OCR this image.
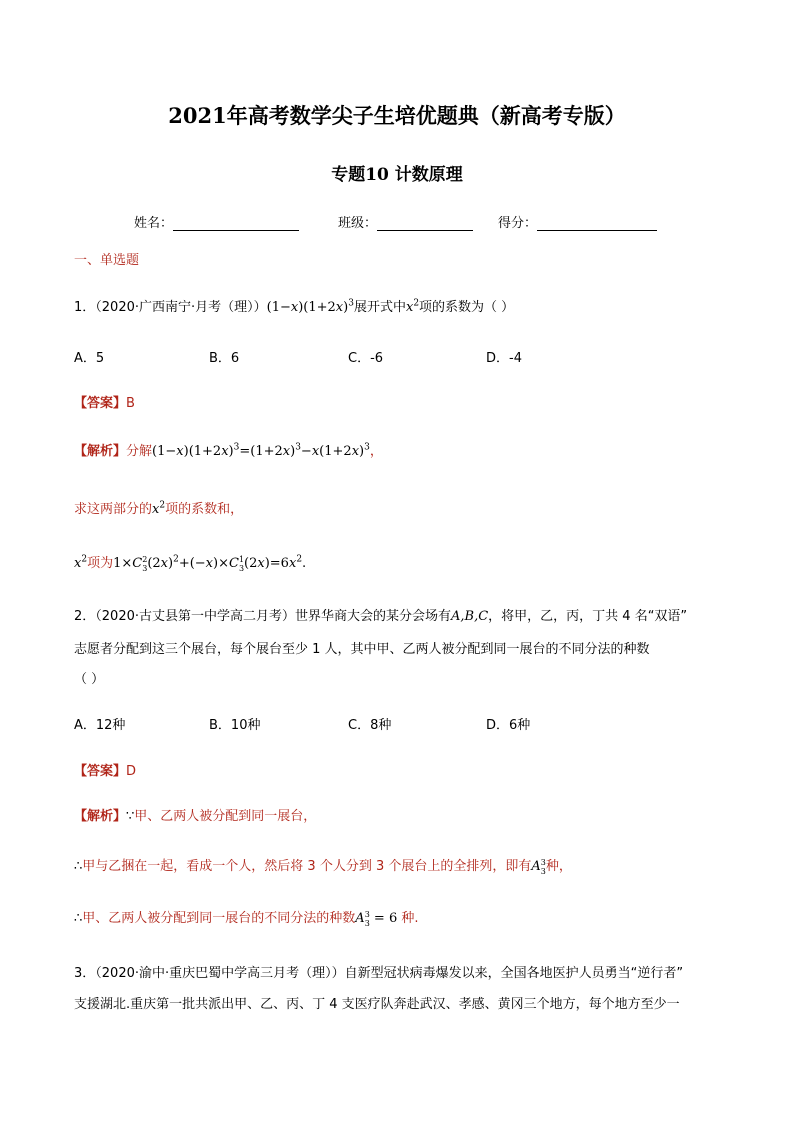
2021年高考数学尖子生培优题典（新高考专版）
专题10 计数原理
姓名：	班级：	得分：
一、单选题
1．（2020·广西南宁·月考（理））$(1-x)(1+2x)^3$展开式中$x^2$项的系数为（ ）
A．5	B．6	C．-6	D．-4
【答案】B
【解析】分解$(1-x)(1+2x)^3=(1+2x)^3-x(1+2x)^3$，
求这两部分的$x^2$项的系数和，
$x^2$项为1×C2
$3(2x)^2+(-x)\times C1$
$3(2x)=6x^2$.
2．（2020·古丈县第一中学高二月考）世界华商大会的某分会场有A,B,C，将甲，乙，丙，丁共 4 名“双语”
志愿者分配到这三个展台，每个展台至少 1 人，其中甲、乙两人被分配到同一展台的不同分法的种数
（ ）
A．12种	B．10种	C．8种	D．6种
【答案】D
【解析】∵甲、乙两人被分配到同一展台，
∴甲与乙捆在一起，看成一个人，然后将 3 个人分到 3 个展台上的全排列，即有A3
3种，
∴甲、乙两人被分配到同一展台的不同分法的种数A3
3 = 6 种.
3．（2020·渝中·重庆巴蜀中学高三月考（理））自新型冠状病毒爆发以来，全国各地医护人员勇当“逆行者”
支援湖北.重庆第一批共派出甲、乙、丙、丁 4 支医疗队奔赴武汉、孝感、黄冈三个地方，每个地方至少一
